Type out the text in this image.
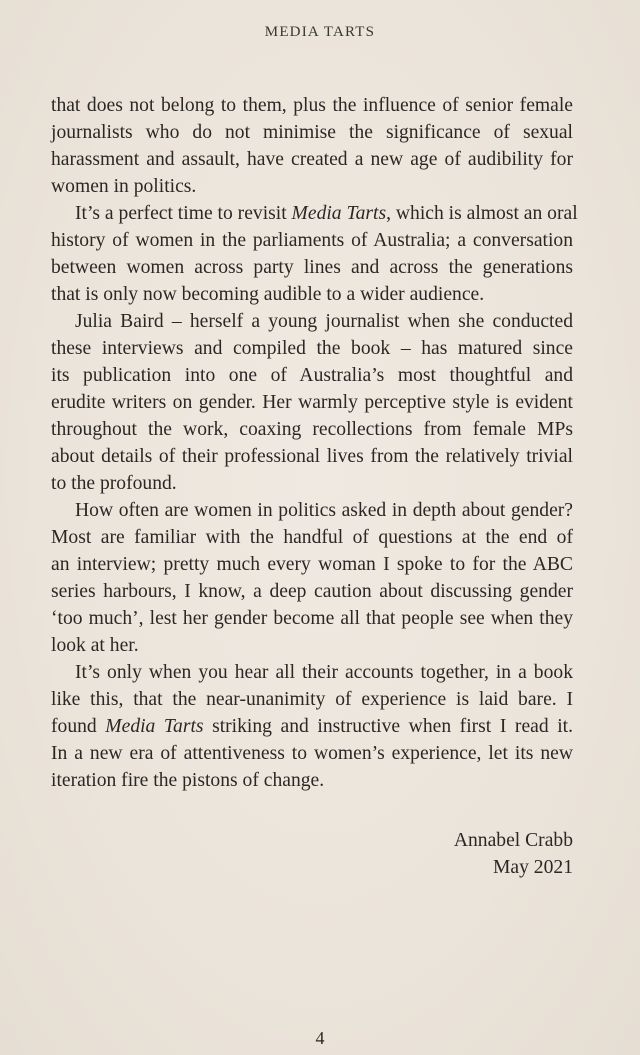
MEDIA TARTS

that does not belong to them, plus the influence of senior female
journalists who do not minimise the significance of sexual
harassment and assault, have created a new age of audibility for
women in politics.

It’s a perfect time to revisit Media Tarts, which is almost an oral
history of women in the parliaments of Australia; a conversation
between women across party lines and across the generations
that is only now becoming audible to a wider audience.

Julia Baird – herself a young journalist when she conducted
these interviews and compiled the book – has matured since
its publication into one of Australia’s most thoughtful and
erudite writers on gender. Her warmly perceptive style is evident
throughout the work, coaxing recollections from female MPs
about details of their professional lives from the relatively trivial
to the profound.

How often are women in politics asked in depth about gender?
Most are familiar with the handful of questions at the end of
an interview; pretty much every woman I spoke to for the ABC
series harbours, I know, a deep caution about discussing gender
‘too much’, lest her gender become all that people see when they
look at her.

It’s only when you hear all their accounts together, in a book
like this, that the near-unanimity of experience is laid bare. I
found Media Tarts striking and instructive when first I read it.
In a new era of attentiveness to women’s experience, let its new
iteration fire the pistons of change.

Annabel Crabb
May 2021
4
